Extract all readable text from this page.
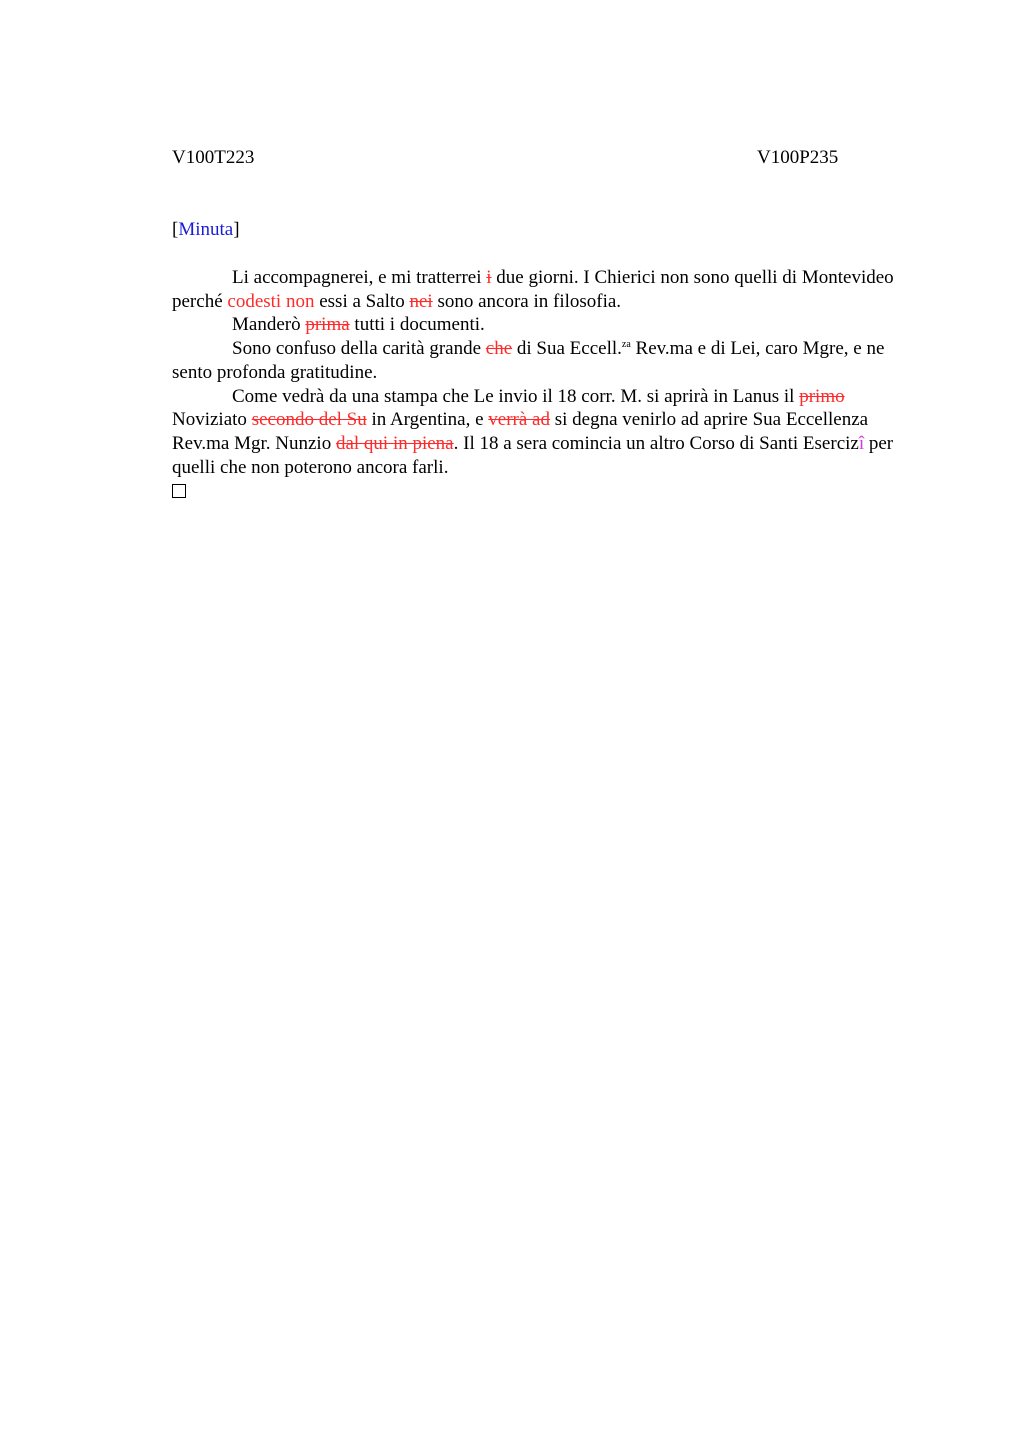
V100T223	V100P235
[Minuta]

Li accompagnerei, e mi tratterrei i due giorni. I Chierici non sono quelli di Montevideo perché codesti non essi a Salto nei sono ancora in filosofia.

Manderò prima tutti i documenti.

Sono confuso della carità grande che di Sua Eccell.$^{za}$ Rev.ma e di Lei, caro Mgre, e ne sento profonda gratitudine.

Come vedrà da una stampa che Le invio il 18 corr. M. si aprirà in Lanus il primo Noviziato secondo del Su in Argentina, e verrà ad si degna venirlo ad aprire Sua Eccellenza Rev.ma Mgr. Nunzio dal qui in piena. Il 18 a sera comincia un altro Corso di Santi Esercizî per quelli che non poterono ancora farli.
